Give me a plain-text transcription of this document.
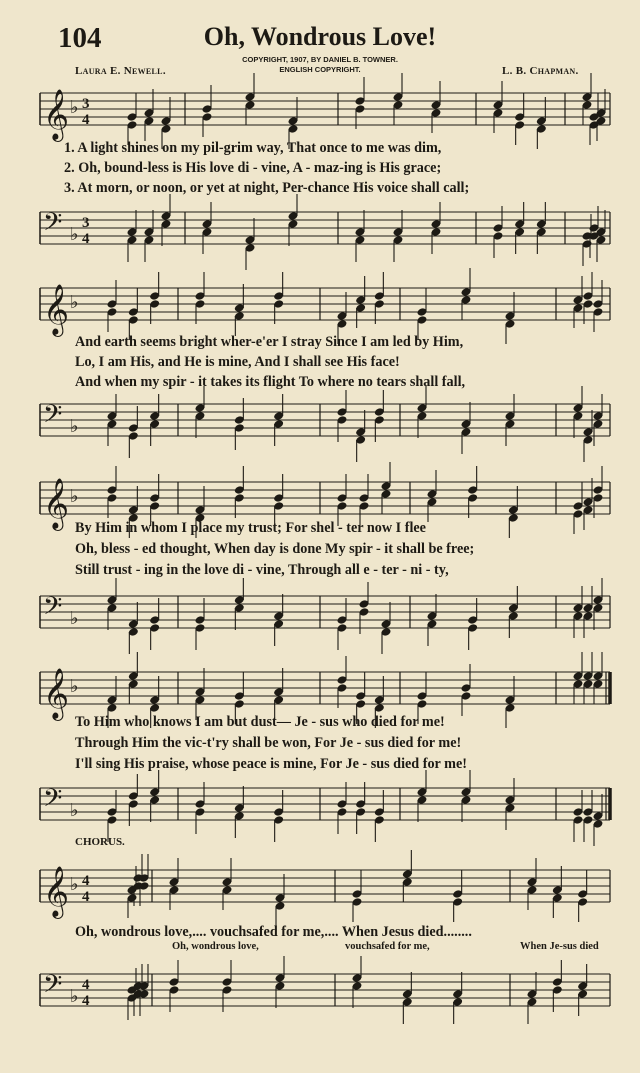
104	Oh, Wondrous Love!
Laura E. Newell.
COPYRIGHT, 1907, BY DANIEL B. TOWNER.
ENGLISH COPYRIGHT.	L. B. Chapman.
𝄞 ♭ 3
4
1. A light shines on my pil-grim way, That once to me was dim,
2. Oh, bound-less is His love di - vine, A - maz-ing is His grace;
3. At morn, or noon, or yet at night, Per-chance His voice shall call;
𝄢 ♭
3
4
𝄞 ♭
And earth seems bright wher-e'er I stray Since I am led by Him,
Lo, I am His, and He is mine, And I shall see His face!
And when my spir - it takes its flight To where no tears shall fall,
𝄢 ♭
𝄞 ♭
By Him in whom I place my trust; For shel - ter now I flee
Oh, bless - ed thought, When day is done My spir - it shall be free;
Still trust - ing in the love di - vine, Through all e - ter - ni - ty,
𝄢 ♭
𝄞 ♭
To Him who knows I am but dust— Je - sus who died for me!
Through Him the vic-t'ry shall be won, For Je - sus died for me!
I'll sing His praise, whose peace is mine, For Je - sus died for me!
𝄢 ♭
CHORUS.
𝄞 ♭ 4
4
Oh, wondrous love,.... vouchsafed for me,.... When Jesus died........
Oh, wondrous love,	vouchsafed for me,	When Je-sus died
𝄢 ♭
4
4
